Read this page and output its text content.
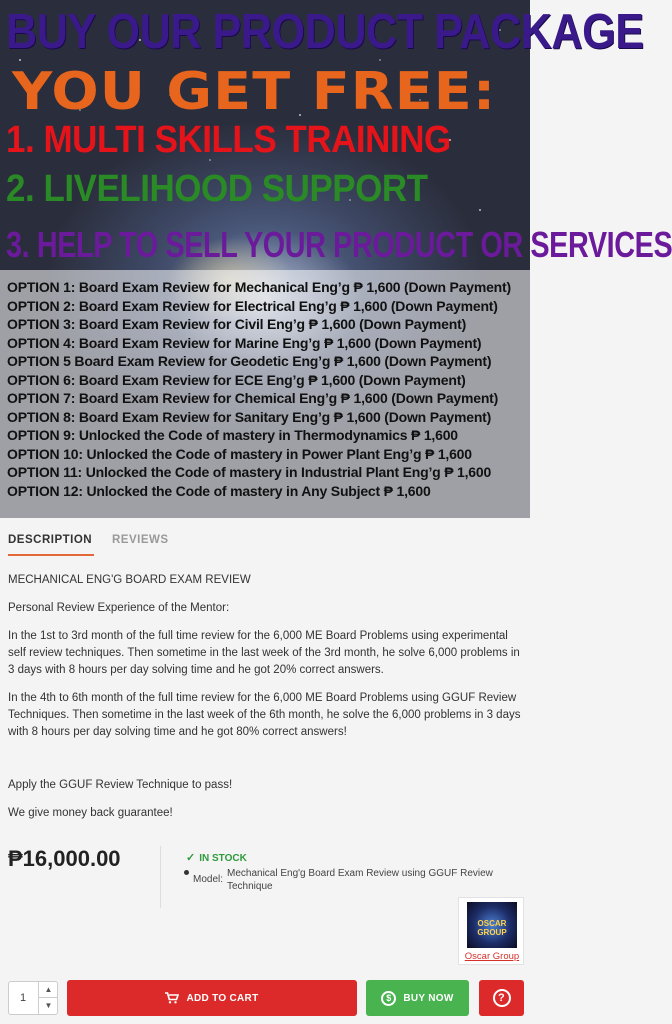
BUY OUR PRODUCT PACKAGE
YOU GET FREE:
1. MULTI SKILLS TRAINING
2. LIVELIHOOD SUPPORT
3. HELP TO SELL YOUR PRODUCT OR SERVICES
OPTION 1: Board Exam Review for Mechanical Eng’g ₱ 1,600 (Down Payment)
OPTION 2: Board Exam Review for Electrical Eng’g ₱ 1,600 (Down Payment)
OPTION 3: Board Exam Review for Civil Eng’g ₱ 1,600 (Down Payment)
OPTION 4: Board Exam Review for Marine Eng’g ₱ 1,600 (Down Payment)
OPTION 5 Board Exam Review for Geodetic Eng’g ₱ 1,600 (Down Payment)
OPTION 6: Board Exam Review for ECE Eng’g ₱ 1,600 (Down Payment)
OPTION 7: Board Exam Review for Chemical Eng’g ₱ 1,600 (Down Payment)
OPTION 8: Board Exam Review for Sanitary Eng’g ₱ 1,600 (Down Payment)
OPTION 9: Unlocked the Code of mastery in Thermodynamics ₱ 1,600
OPTION 10: Unlocked the Code of mastery in Power Plant Eng’g ₱ 1,600
OPTION 11: Unlocked the Code of mastery in Industrial Plant Eng’g ₱ 1,600
OPTION 12: Unlocked the Code of mastery in Any Subject ₱ 1,600
DESCRIPTION REVIEWS

MECHANICAL ENG'G BOARD EXAM REVIEW

Personal Review Experience of the Mentor:

In the 1st to 3rd month of the full time review for the 6,000 ME Board Problems using experimental self review techniques. Then sometime in the last week of the 3rd month, he solve 6,000 problems in 3 days with 8 hours per day solving time and he got 20% correct answers.

In the 4th to 6th month of the full time review for the 6,000 ME Board Problems using GGUF Review Techniques. Then sometime in the last week of the 6th month, he solve the 6,000 problems in 3 days with 8 hours per day solving time and he got 80% correct answers!

Apply the GGUF Review Technique to pass!

We give money back guarantee!

₱16,000.00	✓ IN STOCK
Model:
Mechanical Eng'g Board Exam Review using GGUF Review Technique
OSCAR GROUP
Oscar Group
1
▲
▼
ADD TO CART	$	BUY NOW	?
